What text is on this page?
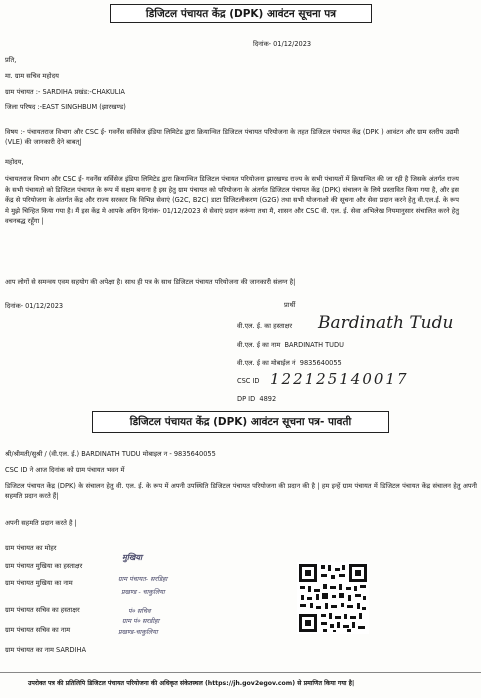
डिजिटल पंचायत केंद्र (DPK) आवंटन सूचना पत्र
दिनांक- 01/12/2023
प्रति,
मा. ग्राम सचिव महोदय
ग्राम पंचायत :- SARDIHA प्रखंड:-CHAKULIA
जिला परिषद :-EAST SINGHBUM (झारखण्ड)
विषय :- पंचायतराज विभाग और CSC ई- गवर्नेंस सर्विसेज इंडिया लिमिटेड द्वारा क्रियान्वित डिजिटल पंचायत परियोजना के तहत डिजिटल पंचायत केंद्र (DPK ) आवंटन और ग्राम स्तरीय उद्यमी (VLE) की जानकारी देने बाबत्|
महोदय,
पंचायतराज विभाग और CSC ई- गवर्नेंस सर्विसेज इंडिया लिमिटेड द्वारा क्रियान्वित डिजिटल पंचायत परियोजना झारखण्ड राज्य के सभी पंचायतों में क्रियान्वित की जा रही है जिसके अंतर्गत राज्य के सभी पंचायतो को डिजिटल पंचायत के रूप में सक्षम बनाना है इस हेतु ग्राम पंचायत को परियोजना के अंतर्गत डिजिटल पंचायत केंद्र (DPK) संचालन के लिये प्रस्तावित किया गया है, और इस केंद्र से परियोजना के अंतर्गत केंद्र और राज्य सरकार कि विभिन्न सेवाएं (G2C, B2C) डाटा डिजिटलीकरण (G2G) तथा सभी योजनाओ की सूचना और सेवा प्रदान करने हेतु वी.एल.ई. के रूप मे मुझे चिन्हित किया गया है। मैं इस केंद्र मे आपके अधिन दिनांक- 01/12/2023 से सेवाएं प्रदान करूंगा तथा मै, शासन और CSC वी. एल. ई. सेवा अभिलेख नियमानुसार संचालित करने हेतु वचनबद्ध रहूँगा |
आप लोगों से समन्वय एवम सहयोग की अपेक्षा है। साथ ही पत्र के साथ डिजिटल पंचायत परियोजना की जानकारी संलग्न है|
दिनांक- 01/12/2023	प्रार्थी
वी.एल. ई. का हस्ताक्षर Bardinath Tudu
वी.एल. ई का नाम BARDINATH TUDU
वी.एल. ई का मोबाईल नं 9835640055
CSC ID 122125140017
DP ID 4892
डिजिटल पंचायत केंद्र (DPK) आवंटन सूचना पत्र- पावती
श्री/श्रीमती/सुश्री / (वी.एल. ई.) BARDINATH TUDU मोबाइल न - 9835640055
CSC ID ने आज दिनांक को ग्राम पंचायत भवन में
डिजिटल पंचायत केंद्र (DPK) के संचालन हेतु वी. एल. ई. के रूप में अपनी उपस्थिति डिजिटल पंचायत परियोजना की प्रदान की है | हम इन्हें ग्राम पंचायत में डिजिटल पंचायत केंद्र संचालन हेतु अपनी सहमति प्रदान करते हैं|
अपनी सहमति प्रदान करते है |
ग्राम पंचायत का मोहर
ग्राम पंचायत मुखिया का हस्ताक्षर
ग्राम पंचायत मुखिया का नाम
ग्राम पंचायत सचिव का हस्ताक्षर
ग्राम पंचायत सचिव का नाम
ग्राम पंचायत का नाम SARDIHA
मुखिया
ग्राम पंचायत- सरडिहा
प्रखण्ड - चाकुलिया
पं० सचिव
ग्राम पं० सरडीहा
प्रखण्ड-चाकुलिया
उपरोक्त पत्र की प्रतिलिपि डिजिटल पंचायत परियोजना की अधिकृत संकेतस्थल (https://jh.gov2egov.com) से प्रमाणित किया गया है|
